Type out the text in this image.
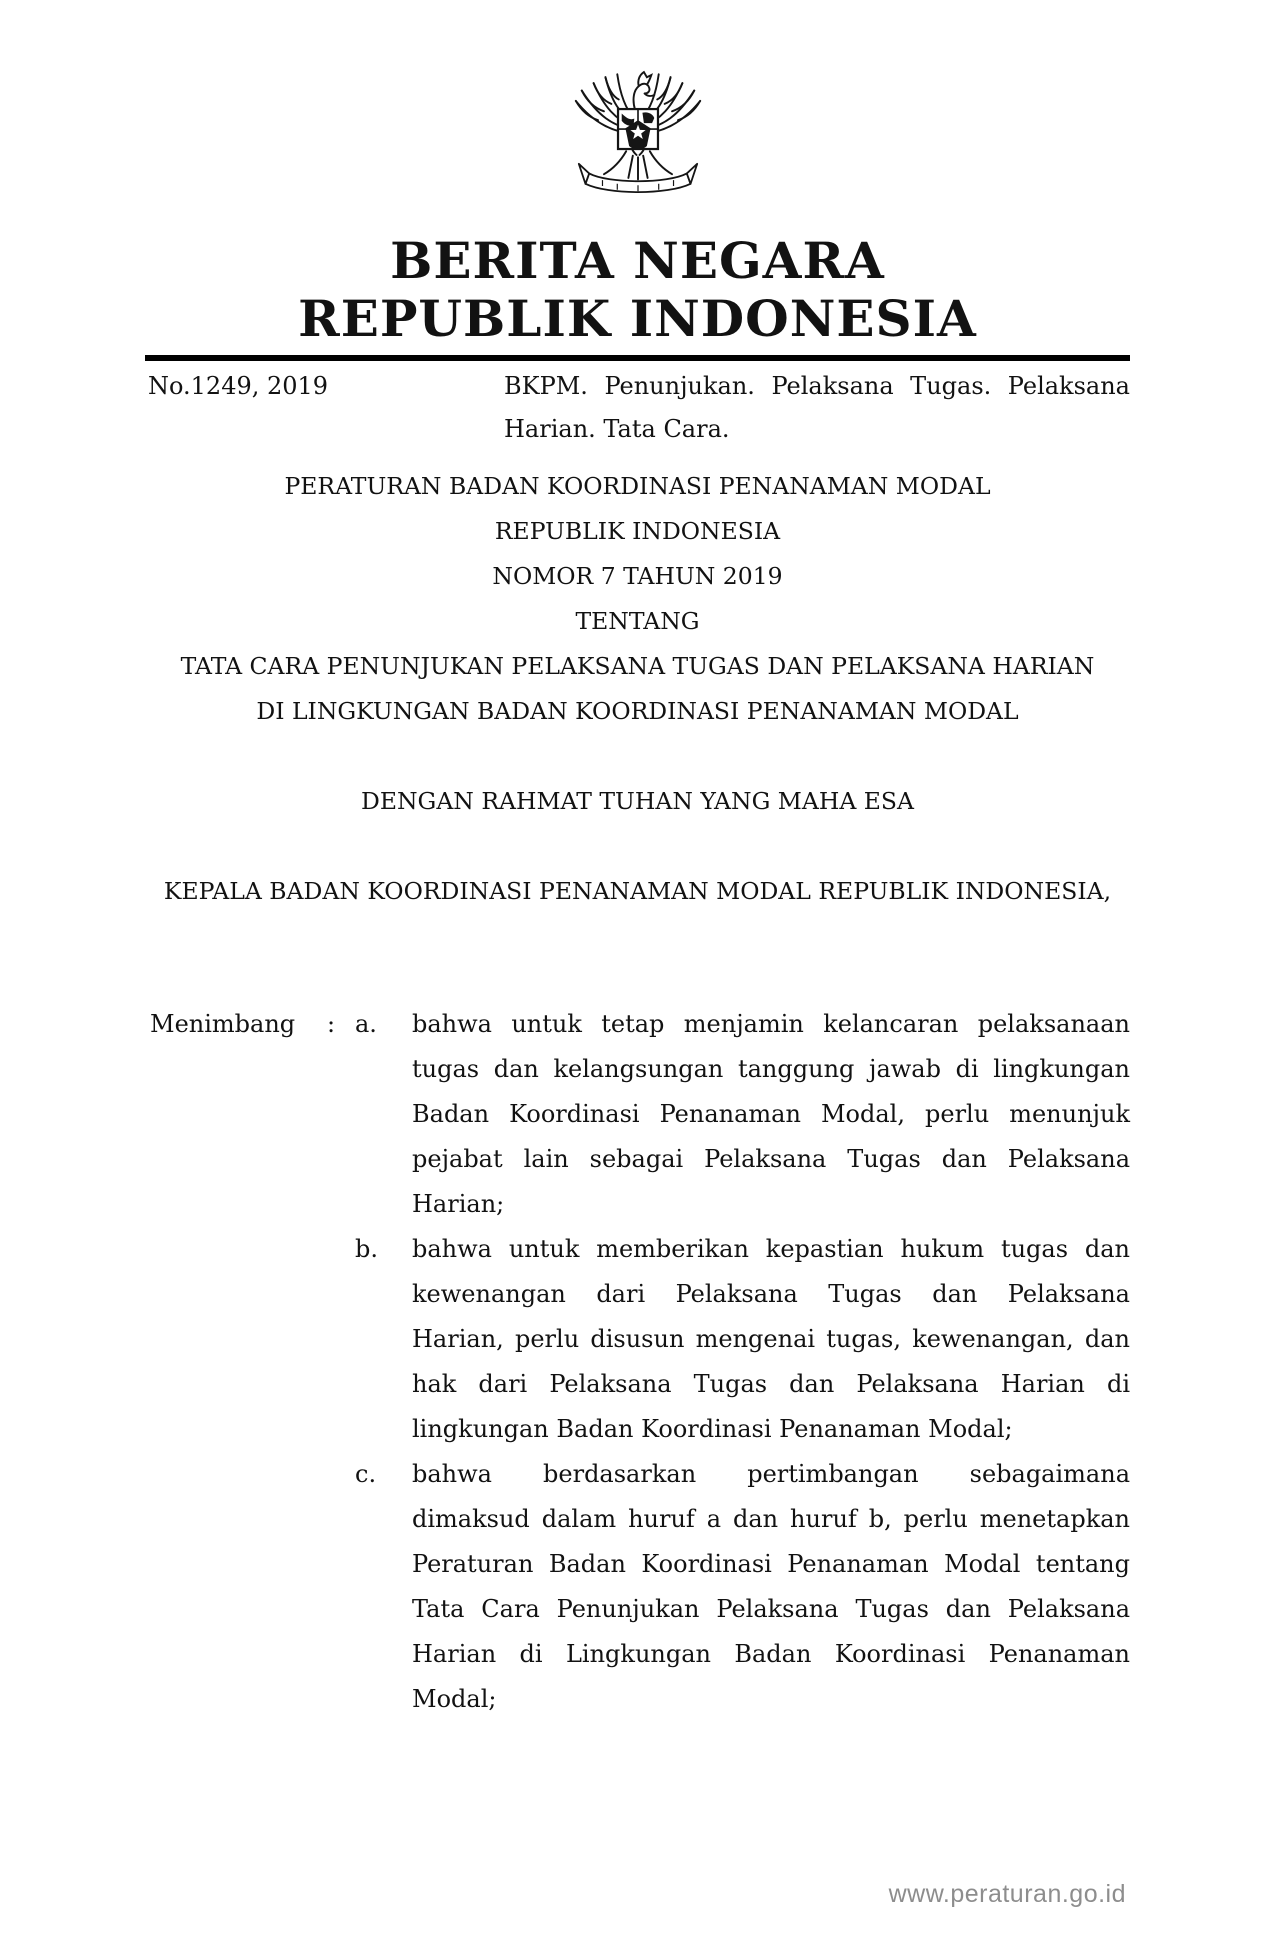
BERITA NEGARA
REPUBLIK INDONESIA
No.1249, 2019	BKPM. Penunjukan. Pelaksana Tugas. Pelaksana
Harian. Tata Cara.
PERATURAN BADAN KOORDINASI PENANAMAN MODAL
REPUBLIK INDONESIA
NOMOR 7 TAHUN 2019
TENTANG
TATA CARA PENUNJUKAN PELAKSANA TUGAS DAN PELAKSANA HARIAN
DI LINGKUNGAN BADAN KOORDINASI PENANAMAN MODAL
DENGAN RAHMAT TUHAN YANG MAHA ESA
KEPALA BADAN KOORDINASI PENANAMAN MODAL REPUBLIK INDONESIA,
Menimbang	: a.	bahwa untuk tetap menjamin kelancaran pelaksanaan
tugas dan kelangsungan tanggung jawab di lingkungan
Badan Koordinasi Penanaman Modal, perlu menunjuk
pejabat lain sebagai Pelaksana Tugas dan Pelaksana
Harian;
b.	bahwa untuk memberikan kepastian hukum tugas dan
kewenangan dari Pelaksana Tugas dan Pelaksana
Harian, perlu disusun mengenai tugas, kewenangan, dan
hak dari Pelaksana Tugas dan Pelaksana Harian di
lingkungan Badan Koordinasi Penanaman Modal;
c.	bahwa berdasarkan pertimbangan sebagaimana
dimaksud dalam huruf a dan huruf b, perlu menetapkan
Peraturan Badan Koordinasi Penanaman Modal tentang
Tata Cara Penunjukan Pelaksana Tugas dan Pelaksana
Harian di Lingkungan Badan Koordinasi Penanaman
Modal;
www.peraturan.go.id
